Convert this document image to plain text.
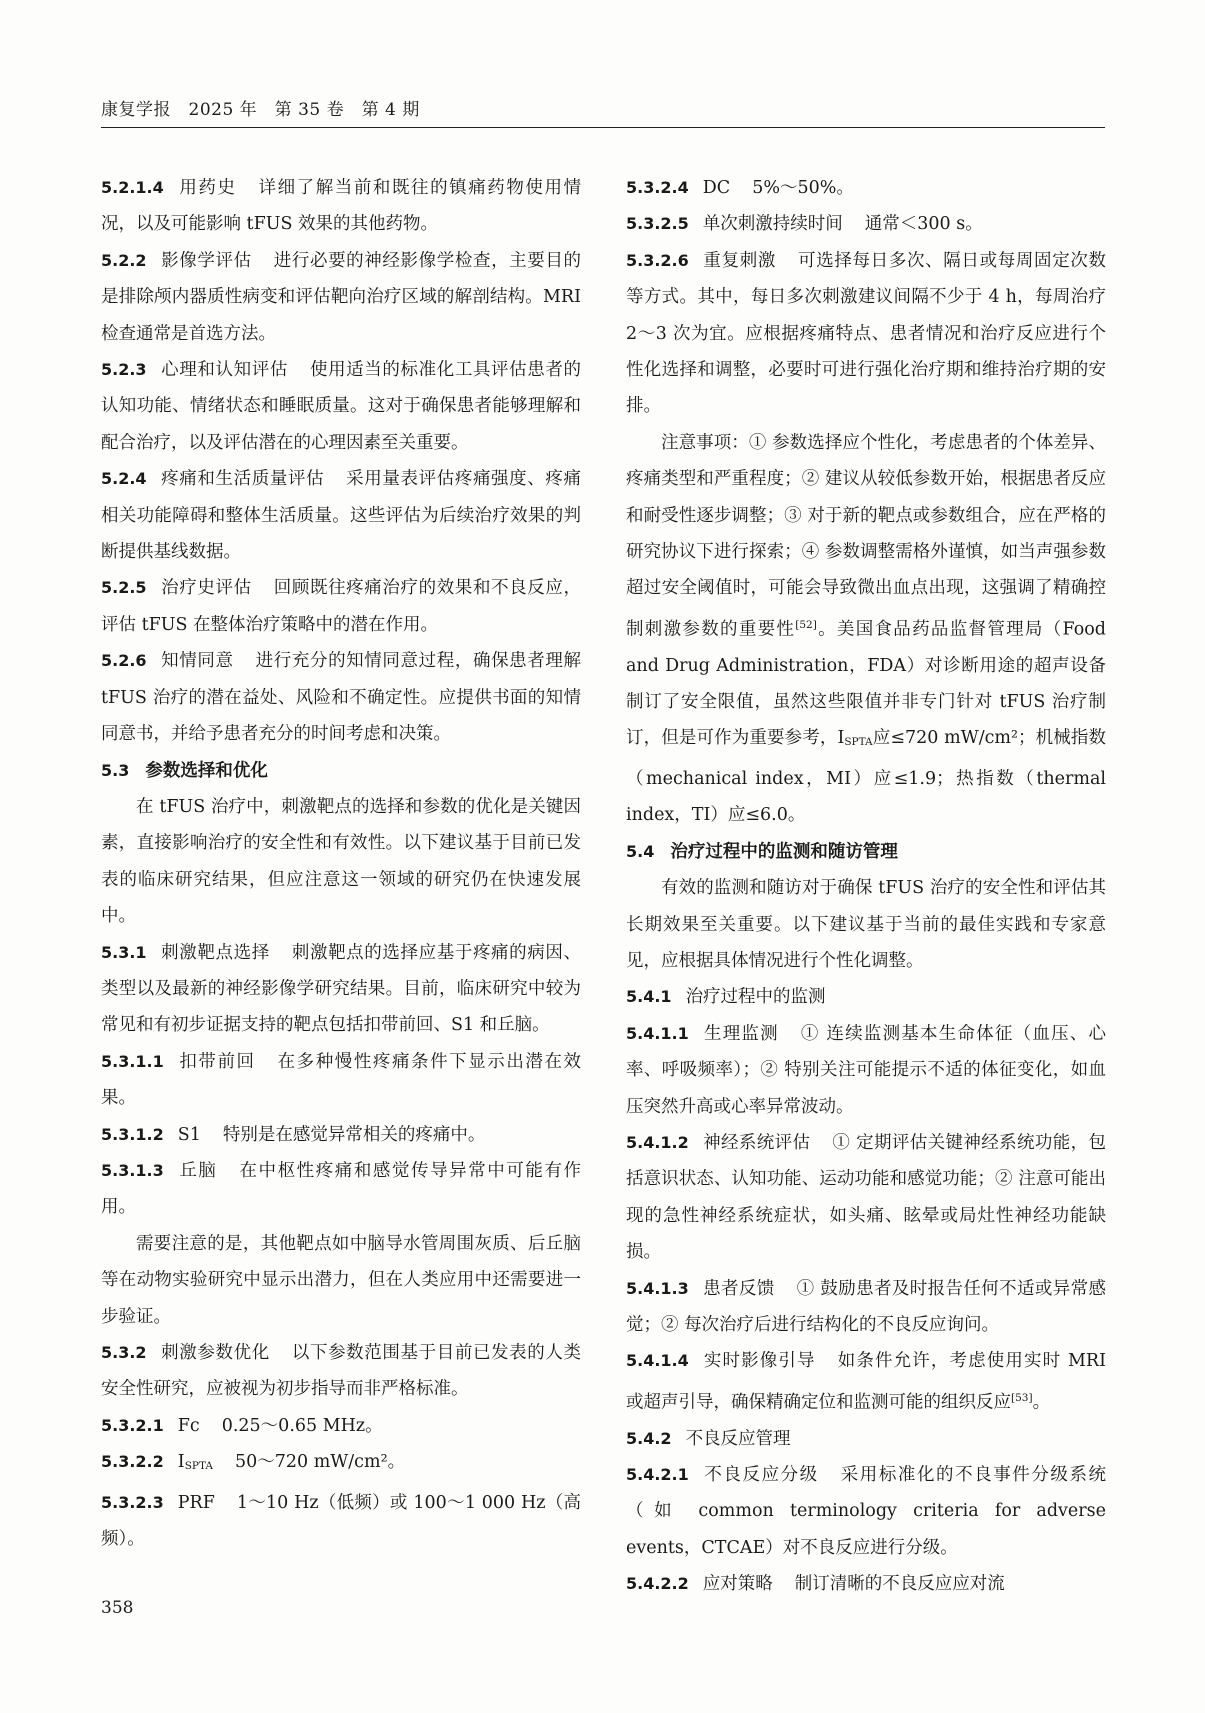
康复学报　2025 年　第 35 卷　第 4 期

5.2.1.4 用药史 详细了解当前和既往的镇痛药物使用情况，以及可能影响 tFUS 效果的其他药物。

5.2.2 影像学评估 进行必要的神经影像学检查，主要目的是排除颅内器质性病变和评估靶向治疗区域的解剖结构。MRI 检查通常是首选方法。

5.2.3 心理和认知评估 使用适当的标准化工具评估患者的认知功能、情绪状态和睡眠质量。这对于确保患者能够理解和配合治疗，以及评估潜在的心理因素至关重要。

5.2.4 疼痛和生活质量评估 采用量表评估疼痛强度、疼痛相关功能障碍和整体生活质量。这些评估为后续治疗效果的判断提供基线数据。

5.2.5 治疗史评估 回顾既往疼痛治疗的效果和不良反应，评估 tFUS 在整体治疗策略中的潜在作用。

5.2.6 知情同意 进行充分的知情同意过程，确保患者理解 tFUS 治疗的潜在益处、风险和不确定性。应提供书面的知情同意书，并给予患者充分的时间考虑和决策。

5.3 参数选择和优化

在 tFUS 治疗中，刺激靶点的选择和参数的优化是关键因素，直接影响治疗的安全性和有效性。以下建议基于目前已发表的临床研究结果，但应注意这一领域的研究仍在快速发展中。

5.3.1 刺激靶点选择 刺激靶点的选择应基于疼痛的病因、类型以及最新的神经影像学研究结果。目前，临床研究中较为常见和有初步证据支持的靶点包括扣带前回、S1 和丘脑。

5.3.1.1 扣带前回 在多种慢性疼痛条件下显示出潜在效果。

5.3.1.2 S1 特别是在感觉异常相关的疼痛中。

5.3.1.3 丘脑 在中枢性疼痛和感觉传导异常中可能有作用。

需要注意的是，其他靶点如中脑导水管周围灰质、后丘脑等在动物实验研究中显示出潜力，但在人类应用中还需要进一步验证。

5.3.2 刺激参数优化 以下参数范围基于目前已发表的人类安全性研究，应被视为初步指导而非严格标准。

5.3.2.1 Fc 0.25～0.65 MHz。

5.3.2.2 $I_{SPTA}$ 50～720 mW/cm²。

5.3.2.3 PRF 1～10 Hz（低频）或 100～1 000 Hz（高频）。

5.3.2.4 DC 5%～50%。

5.3.2.5 单次刺激持续时间 通常＜300 s。

5.3.2.6 重复刺激 可选择每日多次、隔日或每周固定次数等方式。其中，每日多次刺激建议间隔不少于 4 h，每周治疗 2～3 次为宜。应根据疼痛特点、患者情况和治疗反应进行个性化选择和调整，必要时可进行强化治疗期和维持治疗期的安排。

注意事项：① 参数选择应个性化，考虑患者的个体差异、疼痛类型和严重程度；② 建议从较低参数开始，根据患者反应和耐受性逐步调整；③ 对于新的靶点或参数组合，应在严格的研究协议下进行探索；④ 参数调整需格外谨慎，如当声强参数超过安全阈值时，可能会导致微出血点出现，这强调了精确控制刺激参数的重要性[52]。美国食品药品监督管理局（Food and Drug Administration，FDA）对诊断用途的超声设备制订了安全限值，虽然这些限值并非专门针对 tFUS 治疗制订，但是可作为重要参考，$I_{SPTA}$应≤720 mW/cm²；机械指数（mechanical index，MI）应≤1.9；热指数（thermal index，TI）应≤6.0。

5.4 治疗过程中的监测和随访管理

有效的监测和随访对于确保 tFUS 治疗的安全性和评估其长期效果至关重要。以下建议基于当前的最佳实践和专家意见，应根据具体情况进行个性化调整。

5.4.1 治疗过程中的监测

5.4.1.1 生理监测 ① 连续监测基本生命体征（血压、心率、呼吸频率）；② 特别关注可能提示不适的体征变化，如血压突然升高或心率异常波动。

5.4.1.2 神经系统评估 ① 定期评估关键神经系统功能，包括意识状态、认知功能、运动功能和感觉功能；② 注意可能出现的急性神经系统症状，如头痛、眩晕或局灶性神经功能缺损。

5.4.1.3 患者反馈 ① 鼓励患者及时报告任何不适或异常感觉；② 每次治疗后进行结构化的不良反应询问。

5.4.1.4 实时影像引导 如条件允许，考虑使用实时 MRI 或超声引导，确保精确定位和监测可能的组织反应[53]。

5.4.2 不良反应管理

5.4.2.1 不良反应分级 采用标准化的不良事件分级系统（如 common terminology criteria for adverse events，CTCAE）对不良反应进行分级。

5.4.2.2 应对策略 制订清晰的不良反应应对流

358
